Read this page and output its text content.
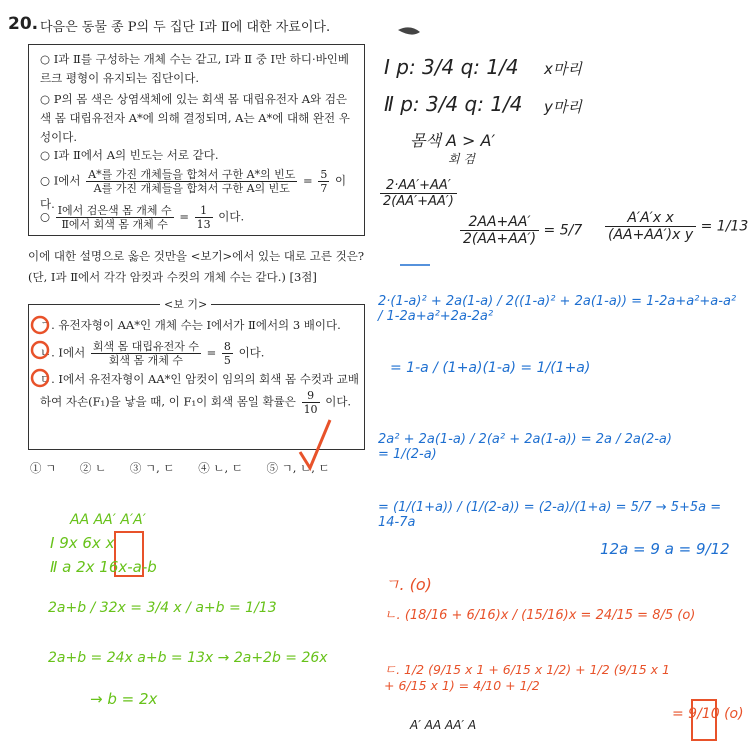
20. 다음은 동물 종 P의 두 집단 Ⅰ과 Ⅱ에 대한 자료이다.
○ Ⅰ과 Ⅱ를 구성하는 개체 수는 같고, Ⅰ과 Ⅱ 중 Ⅰ만 하디·바인베르크 평형이 유지되는 집단이다.
○ P의 몸 색은 상염색체에 있는 회색 몸 대립유전자 A와 검은색 몸 대립유전자 A*에 의해 결정되며, A는 A*에 대해 완전 우성이다.
○ Ⅰ과 Ⅱ에서 A의 빈도는 서로 같다.
○ Ⅰ에서 $\frac{\text{A*를 가진 개체들을 합쳐서 구한 A*의 빈도}}{\text{A를 가진 개체들을 합쳐서 구한 A의 빈도}} = \frac{5}{7}$ 이다.
○ $\frac{\text{Ⅰ에서 검은색 몸 개체 수}}{\text{Ⅱ에서 회색 몸 개체 수}} = \frac{1}{13}$ 이다.
이에 대한 설명으로 옳은 것만을 <보기>에서 있는 대로 고른 것은? (단, Ⅰ과 Ⅱ에서 각각 암컷과 수컷의 개체 수는 같다.) [3점]
<보 기>
ㄱ. 유전자형이 AA*인 개체 수는 Ⅰ에서가 Ⅱ에서의 3 배이다.
ㄴ. Ⅰ에서 $\frac{\text{회색 몸 대립유전자 수}}{\text{회색 몸 개체 수}} = \frac{8}{5}$ 이다.
ㄷ. Ⅰ에서 유전자형이 AA*인 암컷이 임의의 회색 몸 수컷과 교배하여 자손(F₁)을 낳을 때, 이 F₁이 회색 몸일 확률은 $\frac{9}{10}$ 이다.
① ㄱ ② ㄴ ③ ㄱ, ㄷ ④ ㄴ, ㄷ ⑤ ㄱ, ㄴ, ㄷ
Ⅰ p: 3/4 q: 1/4 x마리
Ⅱ p: 3/4 q: 1/4 y마리
몸색 A > A′
회 검
$\frac{2\cdot AA'+AA'}{2(AA'+AA')}$
$\frac{2AA+AA'}{2(AA+AA')} = 5/7 \frac{\text{A′A′x x}}{\text{(AA+AA′)x y}} = 1/13$
2·(1-a)² + 2a(1-a) / 2((1-a)² + 2a(1-a)) = 1-2a+a²+a-a² / 1-2a+a²+2a-2a²
= 1-a / (1+a)(1-a) = 1/(1+a)
2a² + 2a(1-a) / 2(a² + 2a(1-a)) = 2a / 2a(2-a) = 1/(2-a)
= (1/(1+a)) / (1/(2-a)) = (2-a)/(1+a) = 5/7 → 5+5a = 14-7a
12a = 9 a = 9/12
ㄱ. (o)
ㄴ. (18/16 + 6/16)x / (15/16)x = 24/15 = 8/5 (o)
ㄷ. 1/2 (9/15 x 1 + 6/15 x 1/2) + 1/2 (9/15 x 1 + 6/15 x 1) = 4/10 + 1/2
A′ AA AA′ A
= 9/10 (o)
AA AA′ A′A′
Ⅰ 9x 6x x
Ⅱ a 2x 16x-a-b
2a+b / 32x = 3/4 x / a+b = 1/13
2a+b = 24x a+b = 13x → 2a+2b = 26x
→ b = 2x
